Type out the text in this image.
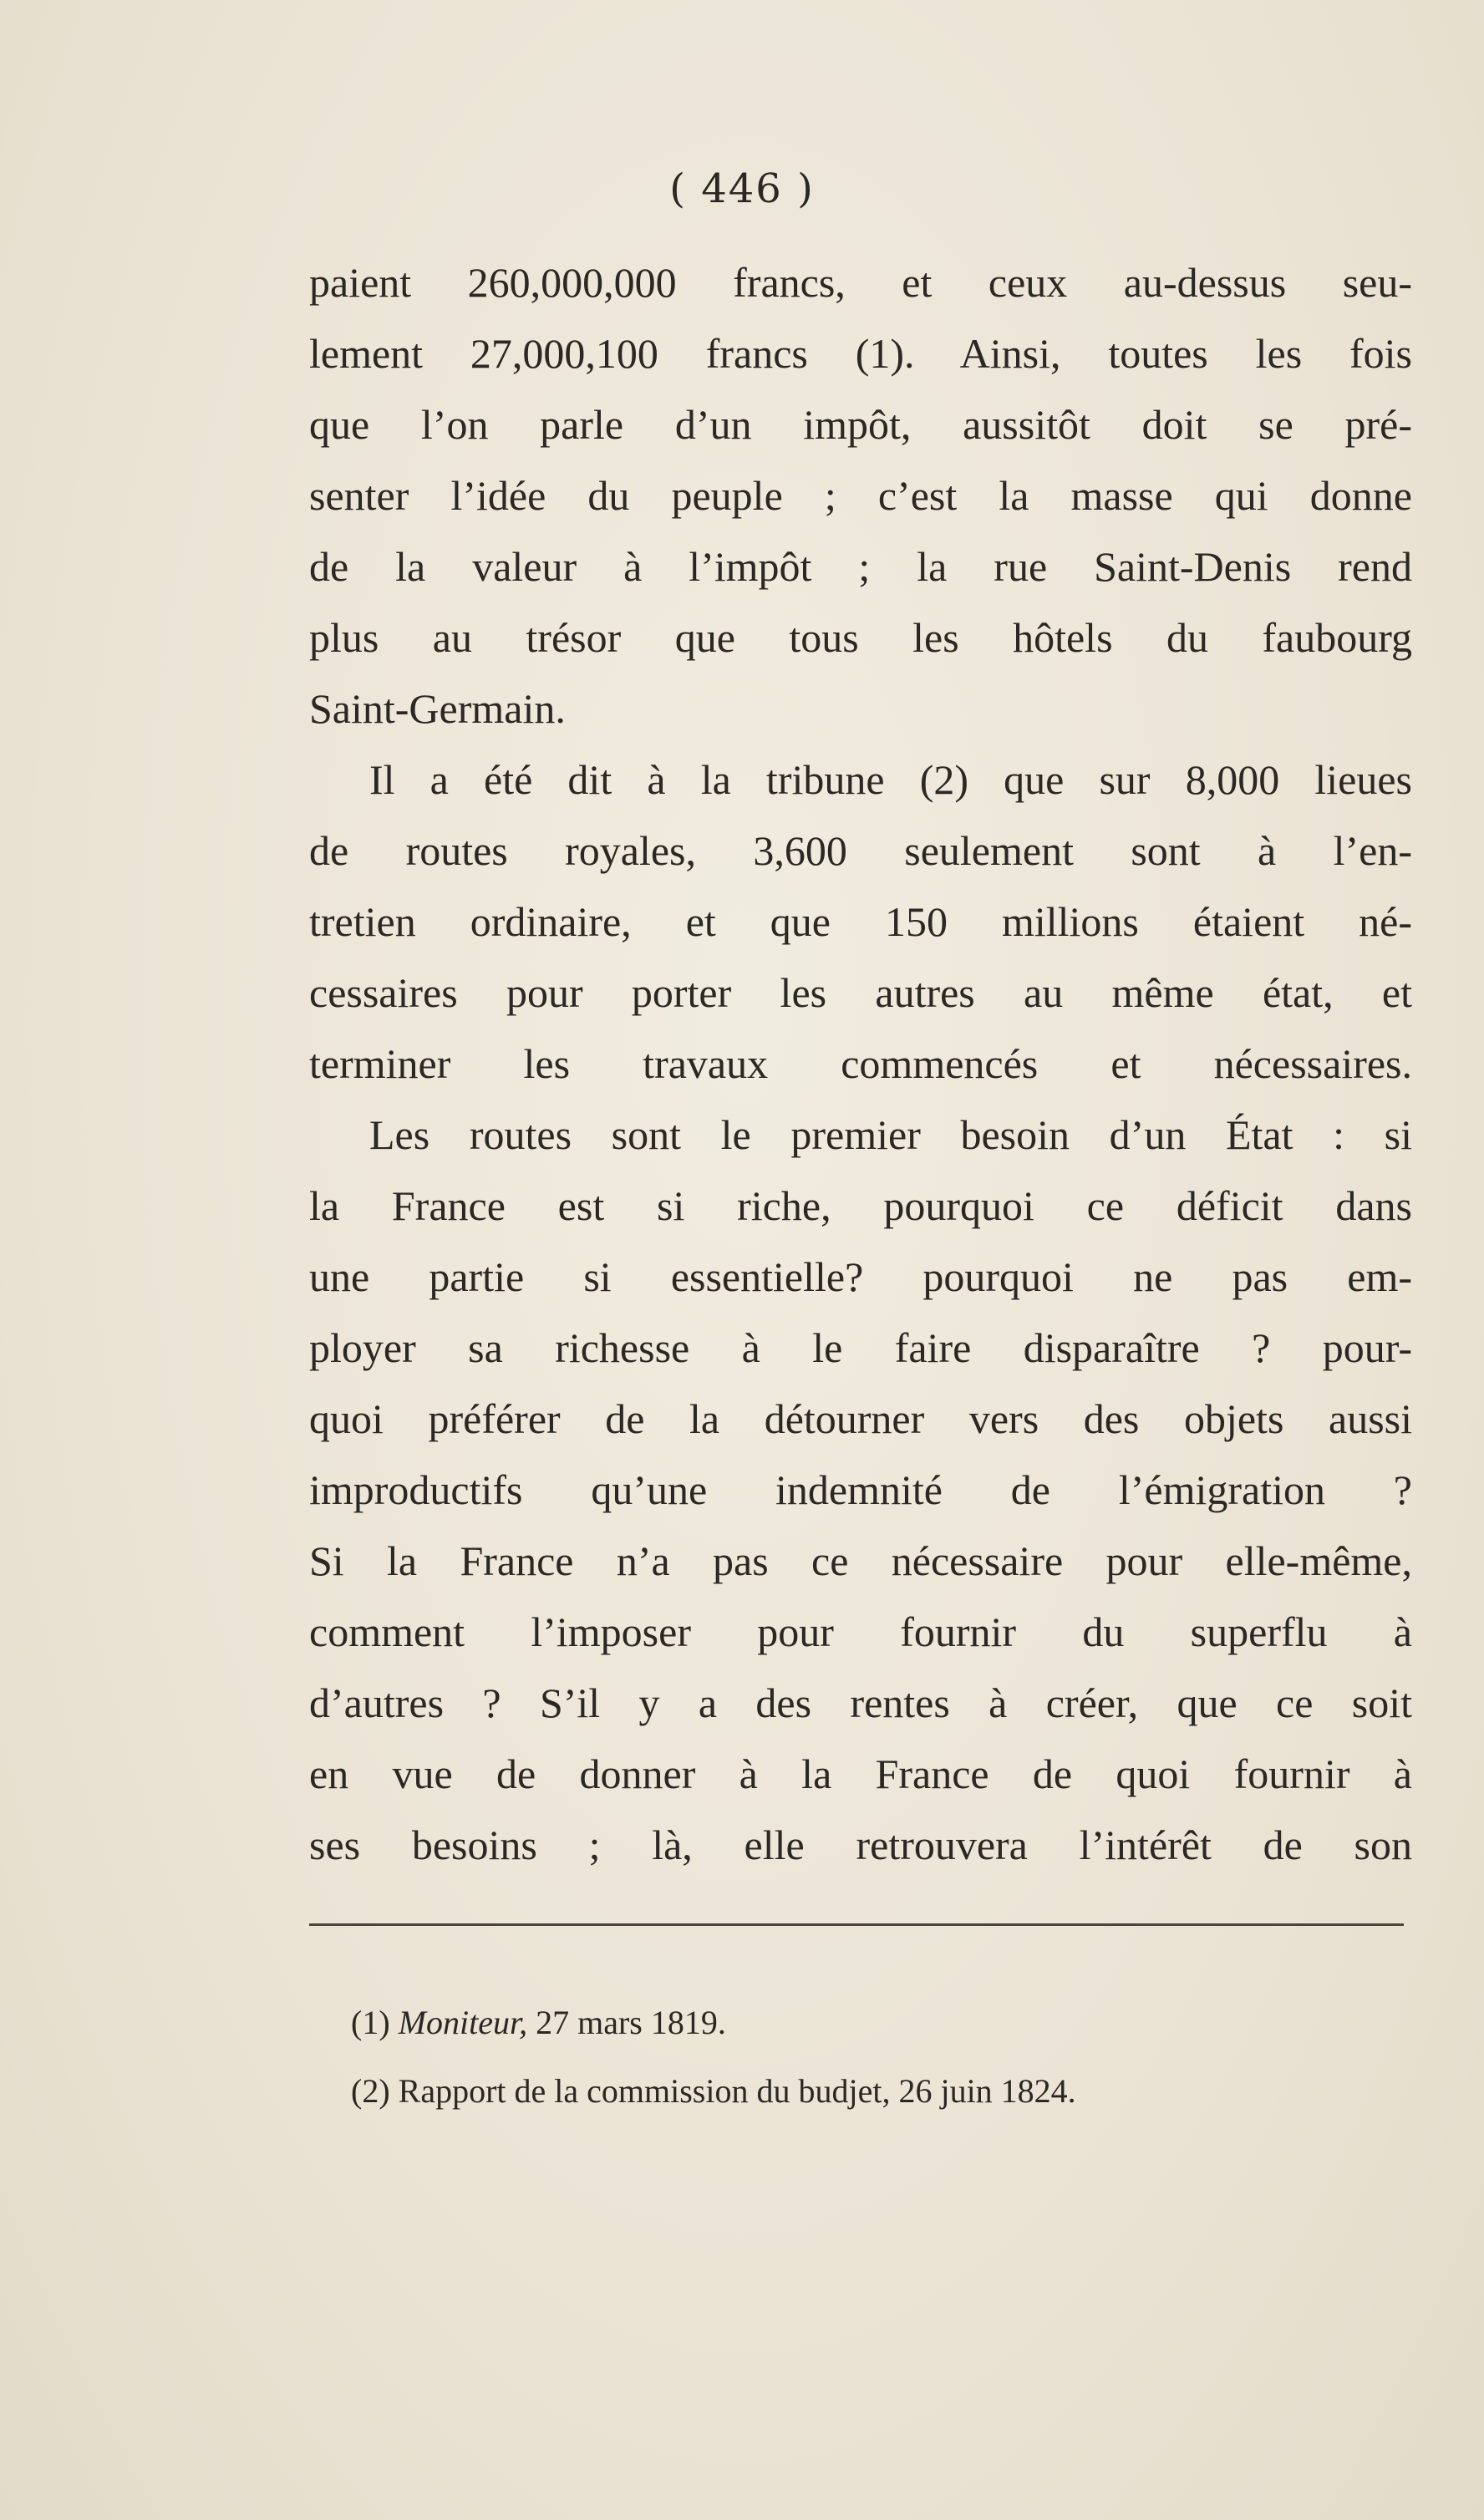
( 446 )
paient 260,000,000 francs, et ceux au-dessus seu-
lement 27,000,100 francs (1). Ainsi, toutes les fois
que l’on parle d’un impôt, aussitôt doit se pré-
senter l’idée du peuple ; c’est la masse qui donne
de la valeur à l’impôt ; la rue Saint-Denis rend
plus au trésor que tous les hôtels du faubourg
Saint-Germain.
Il a été dit à la tribune (2) que sur 8,000 lieues
de routes royales, 3,600 seulement sont à l’en-
tretien ordinaire, et que 150 millions étaient né-
cessaires pour porter les autres au même état, et
terminer les travaux commencés et nécessaires.
Les routes sont le premier besoin d’un État : si
la France est si riche, pourquoi ce déficit dans
une partie si essentielle? pourquoi ne pas em-
ployer sa richesse à le faire disparaître ? pour-
quoi préférer de la détourner vers des objets aussi
improductifs qu’une indemnité de l’émigration ?
Si la France n’a pas ce nécessaire pour elle-même,
comment l’imposer pour fournir du superflu à
d’autres ? S’il y a des rentes à créer, que ce soit
en vue de donner à la France de quoi fournir à
ses besoins ; là, elle retrouvera l’intérêt de son
(1) Moniteur, 27 mars 1819.
(2) Rapport de la commission du budjet, 26 juin 1824.
